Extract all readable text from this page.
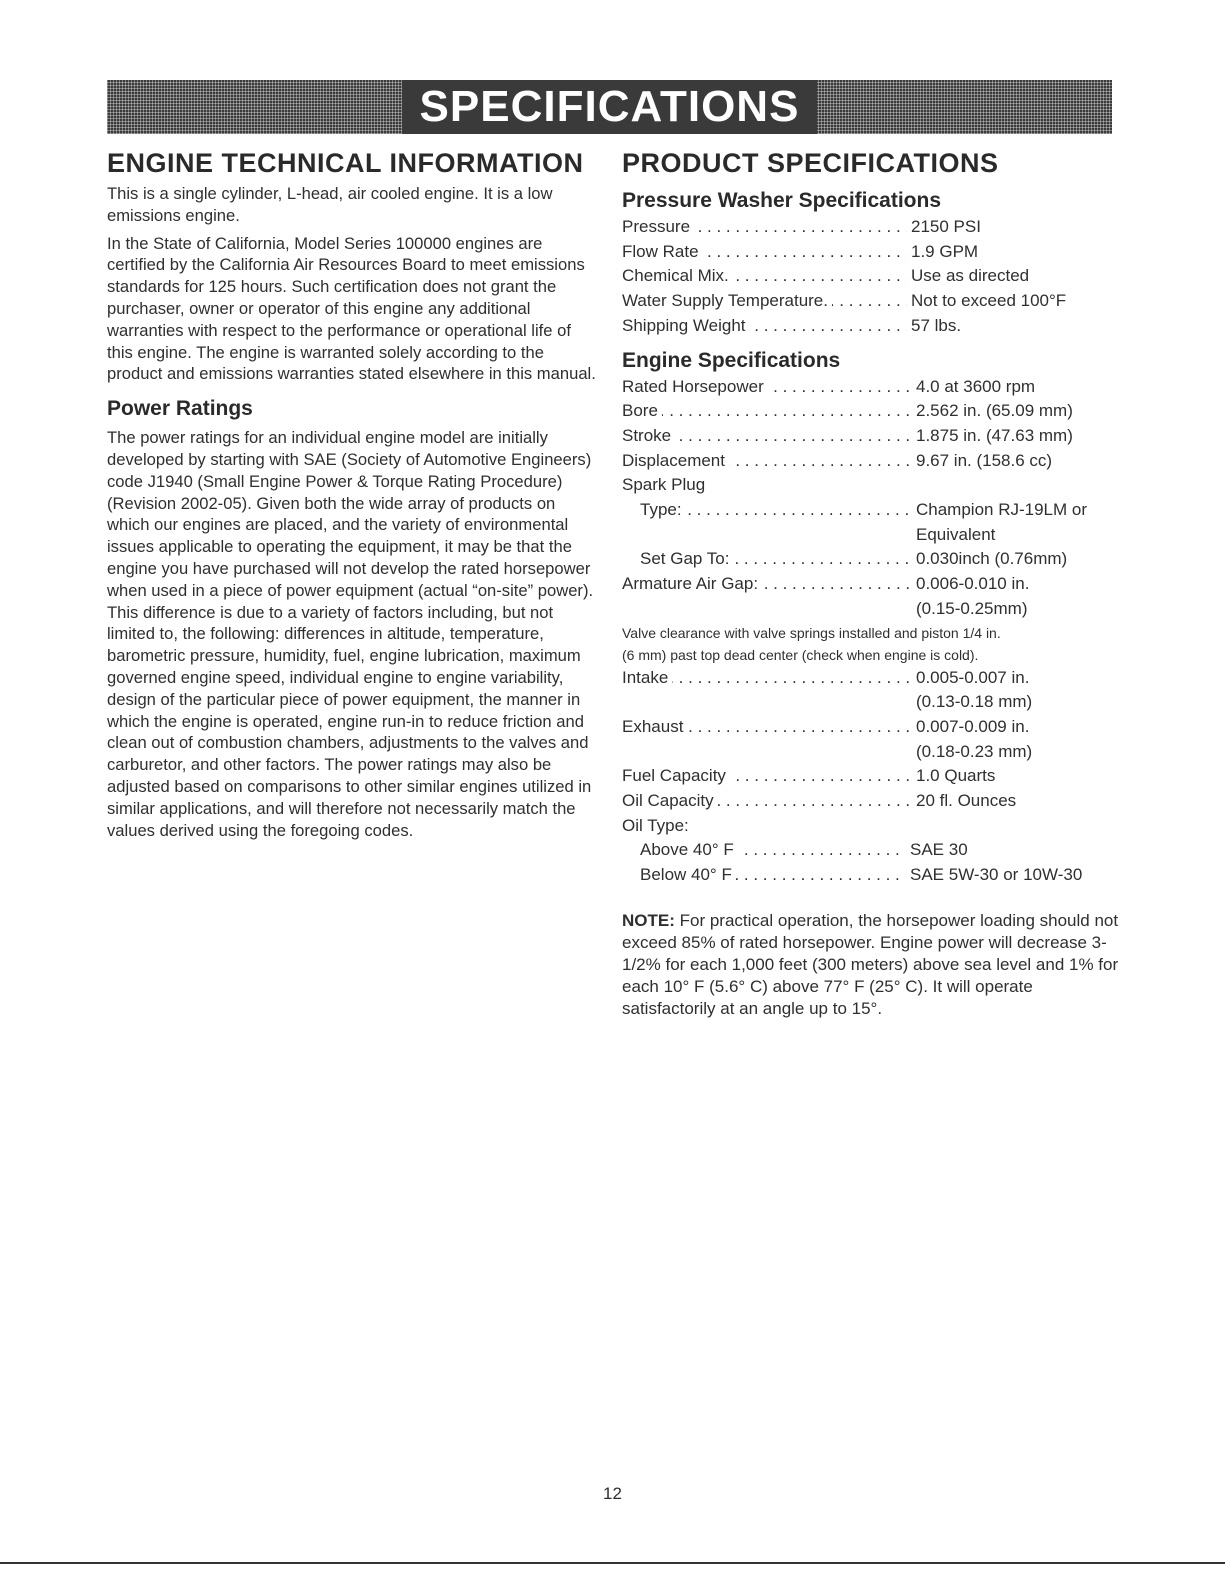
SPECIFICATIONS
ENGINE TECHNICAL INFORMATION

This is a single cylinder, L-head, air cooled engine. It is a low emissions engine.

In the State of California, Model Series 100000 engines are certified by the California Air Resources Board to meet emissions standards for 125 hours. Such certification does not grant the purchaser, owner or operator of this engine any additional warranties with respect to the performance or operational life of this engine. The engine is warranted solely according to the product and emissions warranties stated elsewhere in this manual.

Power Ratings

The power ratings for an individual engine model are initially developed by starting with SAE (Society of Automotive Engineers) code J1940 (Small Engine Power & Torque Rating Procedure) (Revision 2002-05). Given both the wide array of products on which our engines are placed, and the variety of environmental issues applicable to operating the equipment, it may be that the engine you have purchased will not develop the rated horsepower when used in a piece of power equipment (actual “on-site” power). This difference is due to a variety of factors including, but not limited to, the following: differences in altitude, temperature, barometric pressure, humidity, fuel, engine lubrication, maximum governed engine speed, individual engine to engine variability, design of the particular piece of power equipment, the manner in which the engine is operated, engine run-in to reduce friction and clean out of combustion chambers, adjustments to the valves and carburetor, and other factors. The power ratings may also be adjusted based on comparisons to other similar engines utilized in similar applications, and will therefore not necessarily match the values derived using the foregoing codes.

PRODUCT SPECIFICATIONS
Pressure Washer Specifications
Pressure . . .	2150 PSI
Flow Rate . . .	1.9 GPM
Chemical Mix. . . .	Use as directed
Water Supply Temperature. . . .	Not to exceed 100°F
Shipping Weight . . .	57 lbs.
Engine Specifications
Rated Horsepower . . .	4.0 at 3600 rpm
Bore . . .	2.562 in. (65.09 mm)
Stroke . . .	1.875 in. (47.63 mm)
Displacement . . .	9.67 in. (158.6 cc)
Spark Plug
Type: . . .	Champion RJ-19LM or
Equivalent
Set Gap To: . . .	0.030inch (0.76mm)
Armature Air Gap: . . .	0.006-0.010 in.
(0.15-0.25mm)

Valve clearance with valve springs installed and piston 1/4 in.

(6 mm) past top dead center (check when engine is cold).

Intake . . .	0.005-0.007 in.
(0.13-0.18 mm)
Exhaust . . .	0.007-0.009 in.
(0.18-0.23 mm)
Fuel Capacity . . .	1.0 Quarts
Oil Capacity . . .	20 fl. Ounces
Oil Type:
Above 40° F . . .	SAE 30
Below 40° F . . .	SAE 5W-30 or 10W-30

NOTE: For practical operation, the horsepower loading should not exceed 85% of rated horsepower. Engine power will decrease 3-1/2% for each 1,000 feet (300 meters) above sea level and 1% for each 10° F (5.6° C) above 77° F (25° C). It will operate satisfactorily at an angle up to 15°.

12
